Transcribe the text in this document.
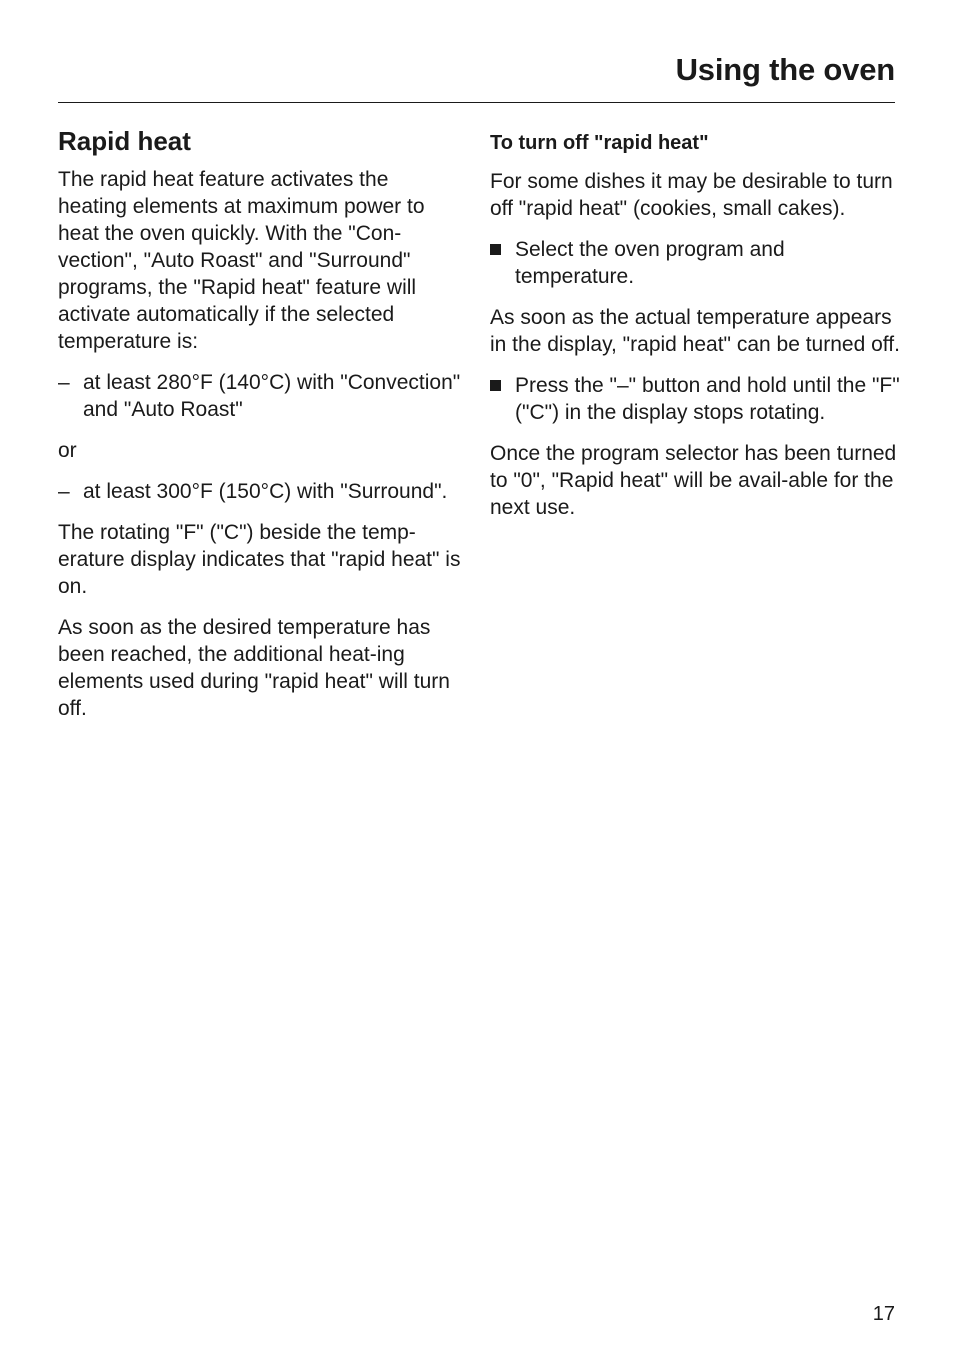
Using the oven
Rapid heat

The rapid heat feature activates the heating elements at maximum power to heat the oven quickly. With the "Con-vection", "Auto Roast" and "Surround" programs, the "Rapid heat" feature will activate automatically if the selected temperature is:

– at least 280°F (140°C) with "Convection" and "Auto Roast"

or

– at least 300°F (150°C) with "Surround".

The rotating "F" ("C") beside the temp-erature display indicates that "rapid heat" is on.

As soon as the desired temperature has been reached, the additional heat-ing elements used during "rapid heat" will turn off.

To turn off "rapid heat"

For some dishes it may be desirable to turn off "rapid heat" (cookies, small cakes).

Select the oven program and temperature.

As soon as the actual temperature appears in the display, "rapid heat" can be turned off.

Press the "–" button and hold until the "F" ("C") in the display stops rotating.

Once the program selector has been turned to "0", "Rapid heat" will be avail-able for the next use.

17
